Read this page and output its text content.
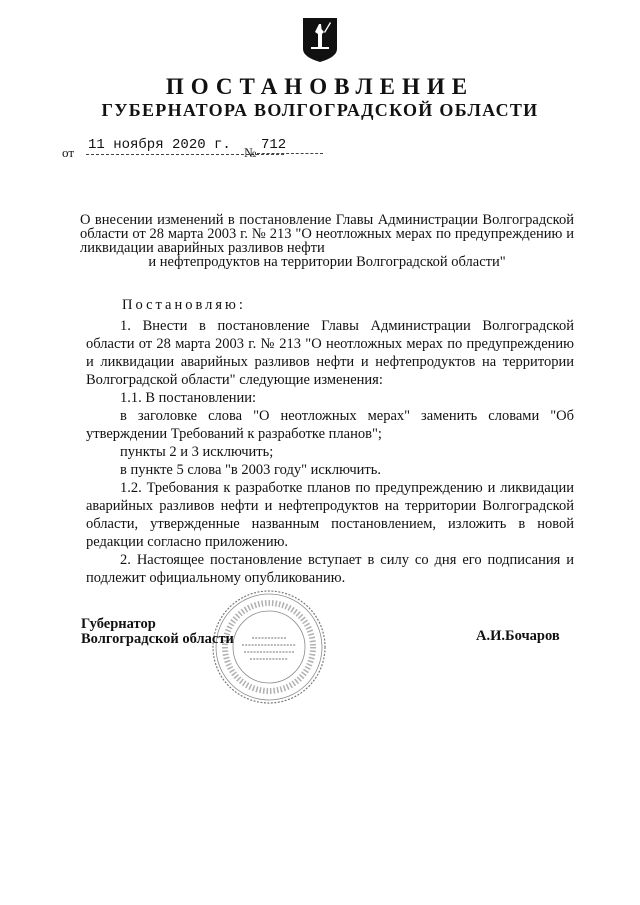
ПОСТАНОВЛЕНИЕ
ГУБЕРНАТОРА ВОЛГОГРАДСКОЙ ОБЛАСТИ
от 11 ноября 2020 г.	№ 712
О внесении изменений в постановление Главы Администрации Волгоградской области от 28 марта 2003 г. № 213 "О неотложных мерах по предупреждению и ликвидации аварийных разливов нефти
и нефтепродуктов на территории Волгоградской области"
Постановляю:

1. Внести в постановление Главы Администрации Волгоградской области от 28 марта 2003 г. № 213 "О неотложных мерах по предупреждению и ликвидации аварийных разливов нефти и нефтепродуктов на территории Волгоградской области" следующие изменения:

1.1. В постановлении:

в заголовке слова "О неотложных мерах" заменить словами "Об утверждении Требований к разработке планов";

пункты 2 и 3 исключить;

в пункте 5 слова "в 2003 году" исключить.

1.2. Требования к разработке планов по предупреждению и ликвидации аварийных разливов нефти и нефтепродуктов на территории Волгоградской области, утвержденные названным постановлением, изложить в новой редакции согласно приложению.

2. Настоящее постановление вступает в силу со дня его подписания и подлежит официальному опубликованию.

Губернатор
Волгоградской области	А.И.Бочаров
